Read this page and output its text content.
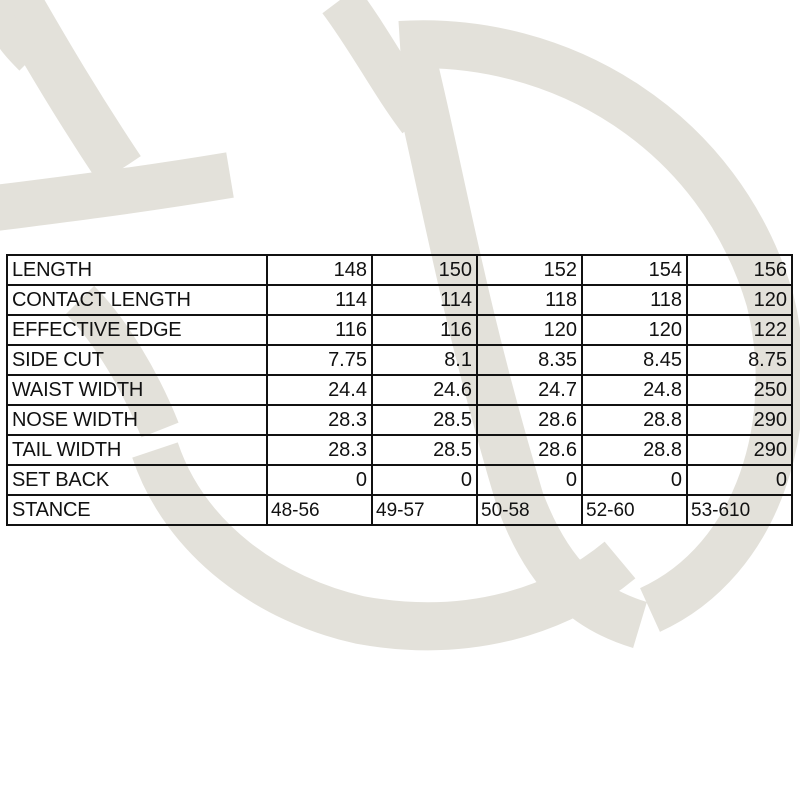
LENGTH	148	150	152	154	156
CONTACT LENGTH	114	114	118	118	120
EFFECTIVE EDGE	116	116	120	120	122
SIDE CUT	7.75	8.1	8.35	8.45	8.75
WAIST WIDTH	24.4	24.6	24.7	24.8	250
NOSE WIDTH	28.3	28.5	28.6	28.8	290
TAIL WIDTH	28.3	28.5	28.6	28.8	290
SET BACK	0	0	0	0	0
STANCE	48-56	49-57	50-58	52-60	53-610
